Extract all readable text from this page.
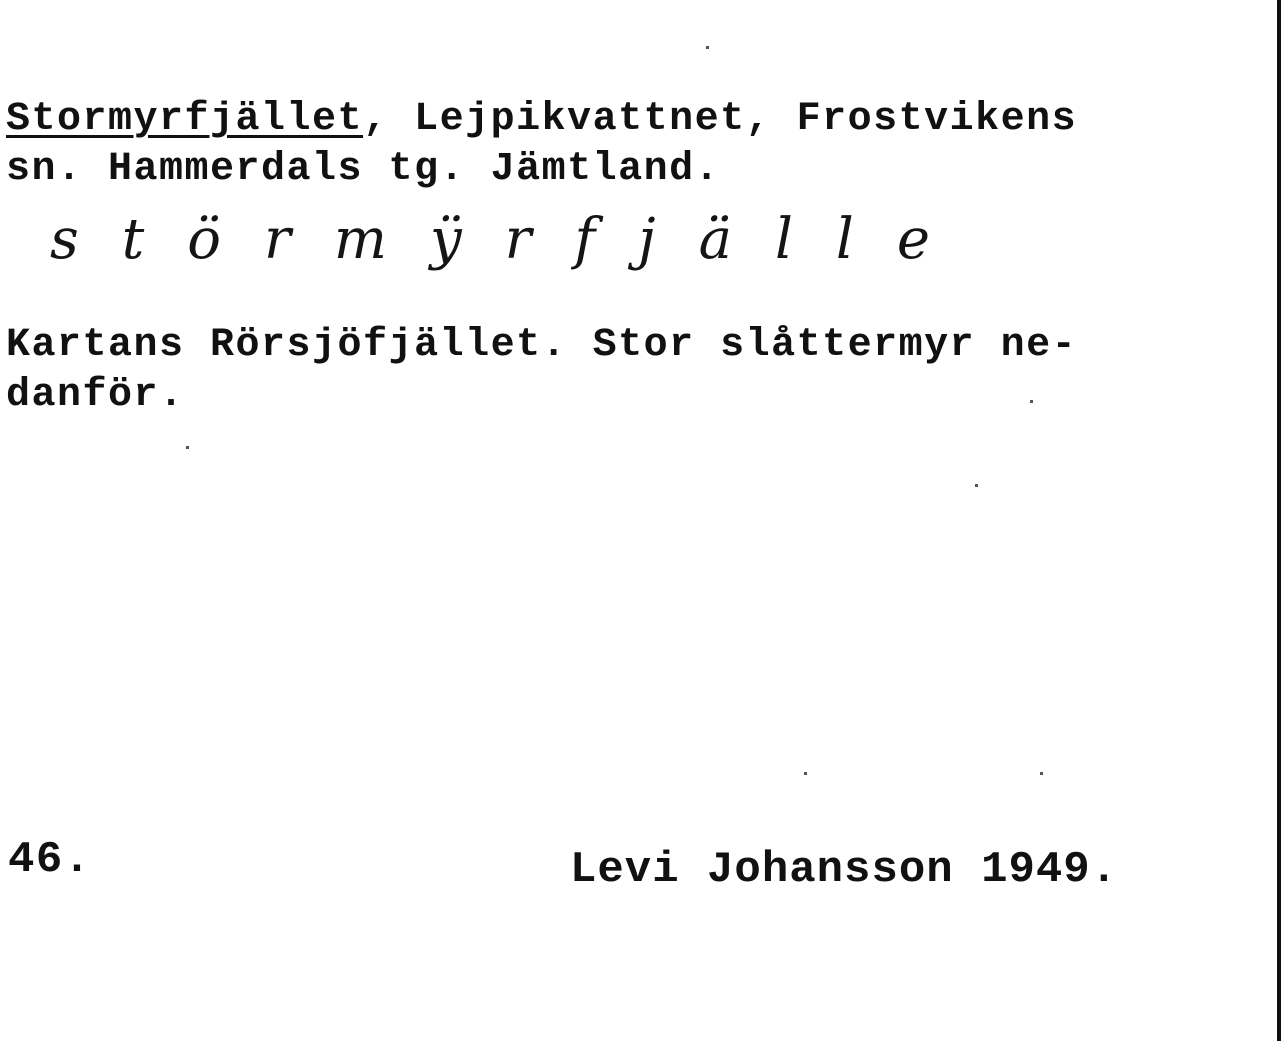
Stormyrfjället, Lejpikvattnet, Frostvikens

sn. Hammerdals tg. Jämtland.

störmÿrfjälle

Kartans Rörsjöfjället. Stor slåttermyr ne-

danför.

46.	Levi Johansson 1949.
